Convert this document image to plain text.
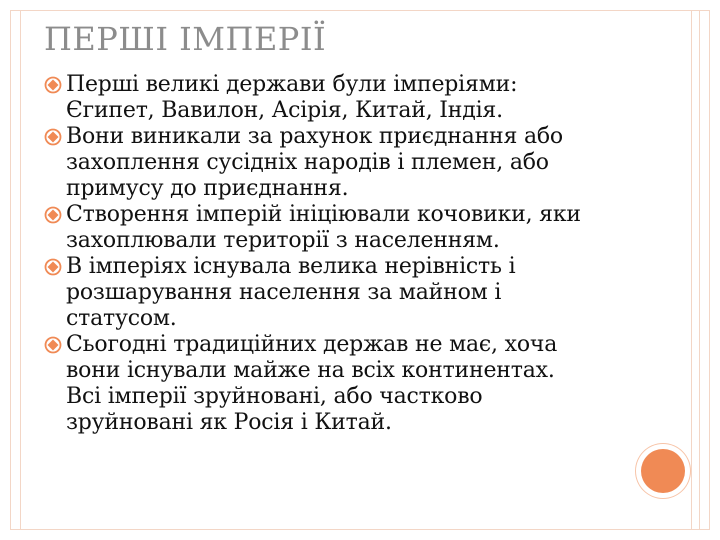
ПЕРШІ ІМПЕРІЇ
Перші великі держави були імперіями:
Єгипет, Вавилон, Асірія, Китай, Індія.
Вони виникали за рахунок приєднання або
захоплення сусідніх народів і племен, або
примусу до приєднання.
Створення імперій ініціювали кочовики, яки
захоплювали території з населенням.
В імперіях існувала велика нерівність і
розшарування населення за майном і
статусом.
Сьогодні традиційних держав не має, хоча
вони існували майже на всіх континентах.
Всі імперії зруйновані, або частково
зруйновані як Росія і Китай.
